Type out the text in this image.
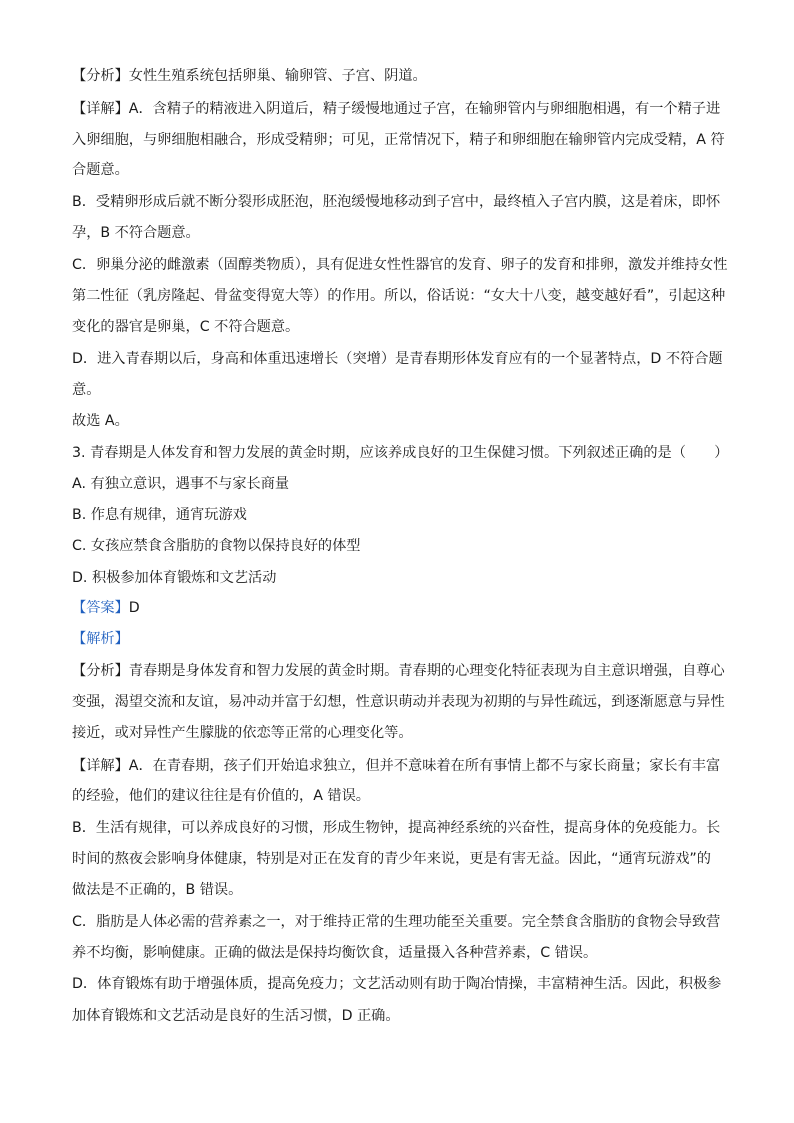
【分析】女性生殖系统包括卵巢、输卵管、子宫、阴道。
【详解】A．含精子的精液进入阴道后，精子缓慢地通过子宫，在输卵管内与卵细胞相遇，有一个精子进
入卵细胞，与卵细胞相融合，形成受精卵；可见，正常情况下，精子和卵细胞在输卵管内完成受精，A 符
合题意。
B．受精卵形成后就不断分裂形成胚泡，胚泡缓慢地移动到子宫中，最终植入子宫内膜，这是着床，即怀
孕，B 不符合题意。
C．卵巢分泌的雌激素（固醇类物质），具有促进女性性器官的发育、卵子的发育和排卵，激发并维持女性
第二性征（乳房隆起、骨盆变得宽大等）的作用。所以，俗话说：“女大十八变，越变越好看”，引起这种
变化的器官是卵巢，C 不符合题意。
D．进入青春期以后，身高和体重迅速增长（突增）是青春期形体发育应有的一个显著特点，D 不符合题
意。
故选 A。
3. 青春期是人体发育和智力发展的黄金时期，应该养成良好的卫生保健习惯。下列叙述正确的是（　　）
A. 有独立意识，遇事不与家长商量
B. 作息有规律，通宵玩游戏
C. 女孩应禁食含脂肪的食物以保持良好的体型
D. 积极参加体育锻炼和文艺活动
【答案】D
【解析】
【分析】青春期是身体发育和智力发展的黄金时期。青春期的心理变化特征表现为自主意识增强，自尊心
变强，渴望交流和友谊，易冲动并富于幻想，性意识萌动并表现为初期的与异性疏远，到逐渐愿意与异性
接近，或对异性产生朦胧的依恋等正常的心理变化等。
【详解】A．在青春期，孩子们开始追求独立，但并不意味着在所有事情上都不与家长商量；家长有丰富
的经验，他们的建议往往是有价值的，A 错误。
B．生活有规律，可以养成良好的习惯，形成生物钟，提高神经系统的兴奋性，提高身体的免疫能力。长
时间的熬夜会影响身体健康，特别是对正在发育的青少年来说，更是有害无益。因此，“通宵玩游戏”的
做法是不正确的，B 错误。
C．脂肪是人体必需的营养素之一，对于维持正常的生理功能至关重要。完全禁食含脂肪的食物会导致营
养不均衡，影响健康。正确的做法是保持均衡饮食，适量摄入各种营养素，C 错误。
D．体育锻炼有助于增强体质，提高免疫力；文艺活动则有助于陶冶情操，丰富精神生活。因此，积极参
加体育锻炼和文艺活动是良好的生活习惯，D 正确。
